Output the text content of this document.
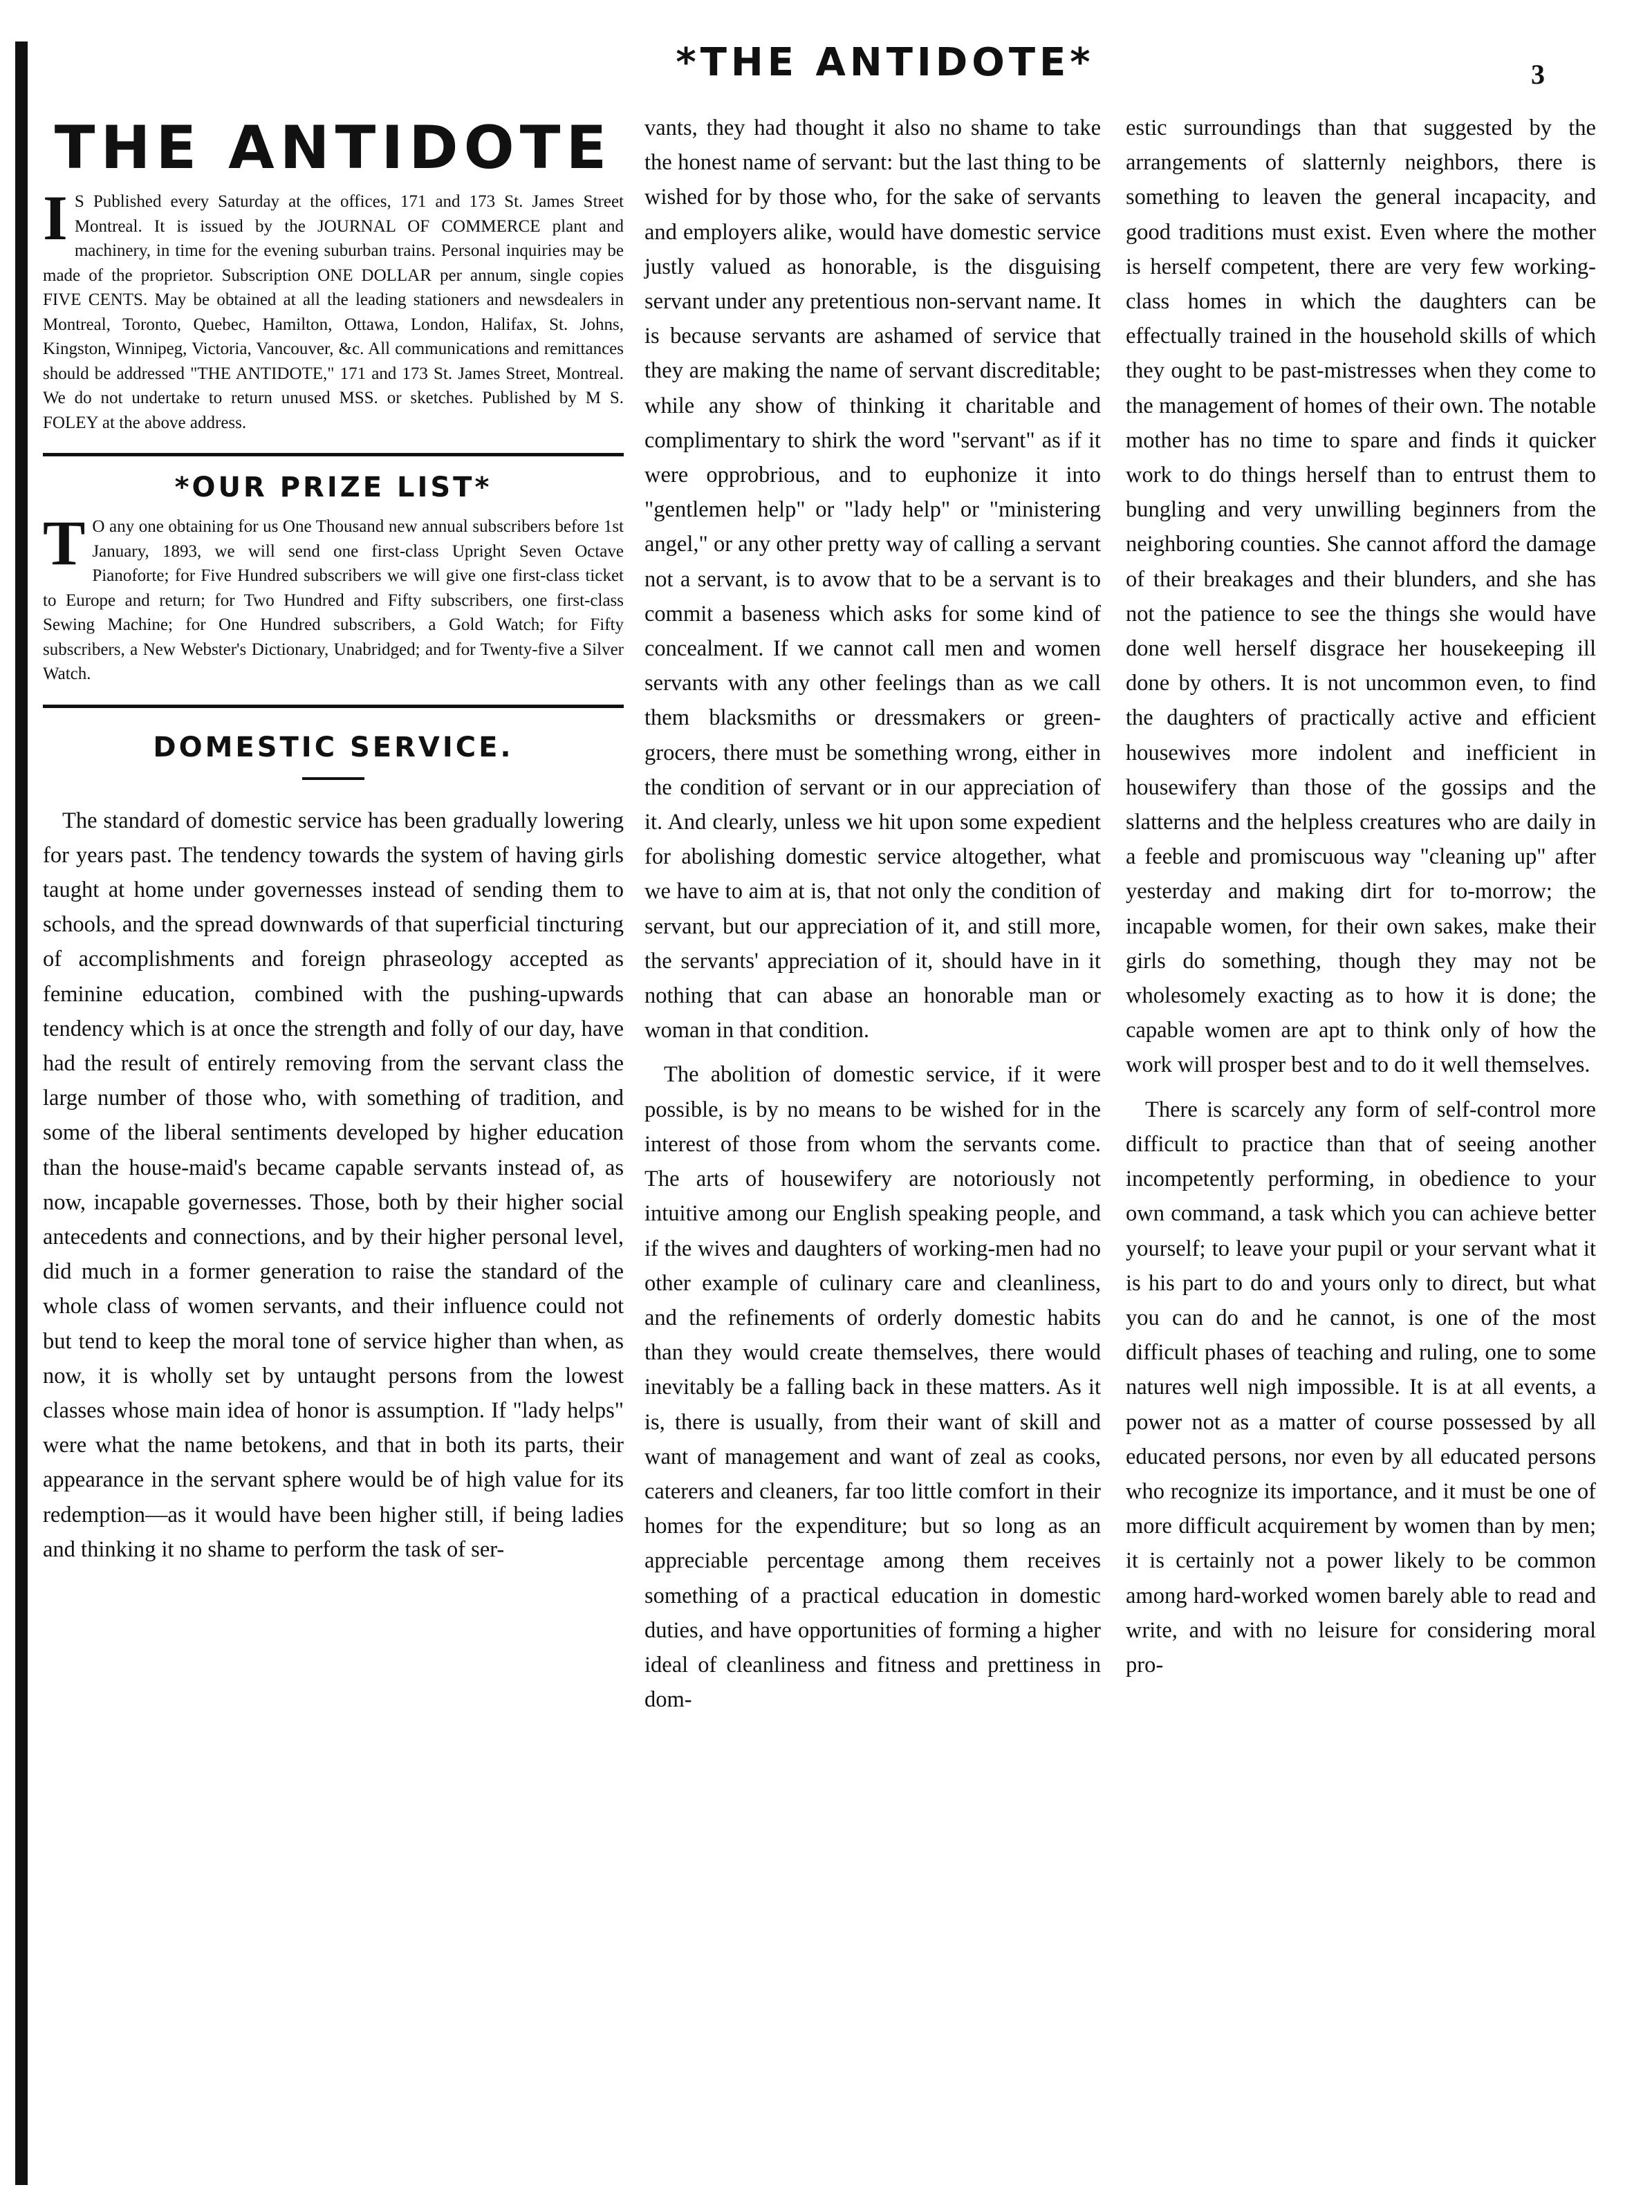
*THE ANTIDOTE*	3
THE ANTIDOTE

I S Published every Saturday at the offices, 171 and 173 St. James Street Montreal. It is issued by the JOURNAL OF COMMERCE plant and machinery, in time for the evening suburban trains. Personal inquiries may be made of the proprietor. Subscription ONE DOLLAR per annum, single copies FIVE CENTS. May be obtained at all the leading stationers and newsdealers in Montreal, Toronto, Quebec, Hamilton, Ottawa, London, Halifax, St. Johns, Kingston, Winnipeg, Victoria, Vancouver, &c. All communications and remittances should be addressed "THE ANTIDOTE," 171 and 173 St. James Street, Montreal. We do not undertake to return unused MSS. or sketches. Published by M S. FOLEY at the above address.

*OUR PRIZE LIST*

T O any one obtaining for us One Thousand new annual subscribers before 1st January, 1893, we will send one first-class Upright Seven Octave Pianoforte; for Five Hundred subscribers we will give one first-class ticket to Europe and return; for Two Hundred and Fifty subscribers, one first-class Sewing Machine; for One Hundred subscribers, a Gold Watch; for Fifty subscribers, a New Webster's Dictionary, Unabridged; and for Twenty-five a Silver Watch.

DOMESTIC SERVICE.

The standard of domestic service has been gradually lowering for years past. The tendency towards the system of having girls taught at home under governesses instead of sending them to schools, and the spread downwards of that superficial tincturing of accomplishments and foreign phraseology accepted as feminine education, combined with the pushing-upwards tendency which is at once the strength and folly of our day, have had the result of entirely removing from the servant class the large number of those who, with something of tradition, and some of the liberal sentiments developed by higher education than the house-maid's became capable servants instead of, as now, incapable governesses. Those, both by their higher social antecedents and connections, and by their higher personal level, did much in a former generation to raise the standard of the whole class of women servants, and their influence could not but tend to keep the moral tone of service higher than when, as now, it is wholly set by untaught persons from the lowest classes whose main idea of honor is assumption. If "lady helps" were what the name betokens, and that in both its parts, their appearance in the servant sphere would be of high value for its redemption—as it would have been higher still, if being ladies and thinking it no shame to perform the task of ser-

vants, they had thought it also no shame to take the honest name of servant: but the last thing to be wished for by those who, for the sake of servants and employers alike, would have domestic service justly valued as honorable, is the disguising servant under any pretentious non-servant name. It is because servants are ashamed of service that they are making the name of servant discreditable; while any show of thinking it charitable and complimentary to shirk the word "servant" as if it were opprobrious, and to euphonize it into "gentlemen help" or "lady help" or "ministering angel," or any other pretty way of calling a servant not a servant, is to avow that to be a servant is to commit a baseness which asks for some kind of concealment. If we cannot call men and women servants with any other feelings than as we call them blacksmiths or dressmakers or green-grocers, there must be something wrong, either in the condition of servant or in our appreciation of it. And clearly, unless we hit upon some expedient for abolishing domestic service altogether, what we have to aim at is, that not only the condition of servant, but our appreciation of it, and still more, the servants' appreciation of it, should have in it nothing that can abase an honorable man or woman in that condition.

The abolition of domestic service, if it were possible, is by no means to be wished for in the interest of those from whom the servants come. The arts of housewifery are notoriously not intuitive among our English speaking people, and if the wives and daughters of working-men had no other example of culinary care and cleanliness, and the refinements of orderly domestic habits than they would create themselves, there would inevitably be a falling back in these matters. As it is, there is usually, from their want of skill and want of management and want of zeal as cooks, caterers and cleaners, far too little comfort in their homes for the expenditure; but so long as an appreciable percentage among them receives something of a practical education in domestic duties, and have opportunities of forming a higher ideal of cleanliness and fitness and prettiness in dom-

estic surroundings than that suggested by the arrangements of slatternly neighbors, there is something to leaven the general incapacity, and good traditions must exist. Even where the mother is herself competent, there are very few working-class homes in which the daughters can be effectually trained in the household skills of which they ought to be past-mistresses when they come to the management of homes of their own. The notable mother has no time to spare and finds it quicker work to do things herself than to entrust them to bungling and very unwilling beginners from the neighboring counties. She cannot afford the damage of their breakages and their blunders, and she has not the patience to see the things she would have done well herself disgrace her housekeeping ill done by others. It is not uncommon even, to find the daughters of practically active and efficient housewives more indolent and inefficient in housewifery than those of the gossips and the slatterns and the helpless creatures who are daily in a feeble and promiscuous way "cleaning up" after yesterday and making dirt for to-morrow; the incapable women, for their own sakes, make their girls do something, though they may not be wholesomely exacting as to how it is done; the capable women are apt to think only of how the work will prosper best and to do it well themselves.

There is scarcely any form of self-control more difficult to practice than that of seeing another incompetently performing, in obedience to your own command, a task which you can achieve better yourself; to leave your pupil or your servant what it is his part to do and yours only to direct, but what you can do and he cannot, is one of the most difficult phases of teaching and ruling, one to some natures well nigh impossible. It is at all events, a power not as a matter of course possessed by all educated persons, nor even by all educated persons who recognize its importance, and it must be one of more difficult acquirement by women than by men; it is certainly not a power likely to be common among hard-worked women barely able to read and write, and with no leisure for considering moral pro-
